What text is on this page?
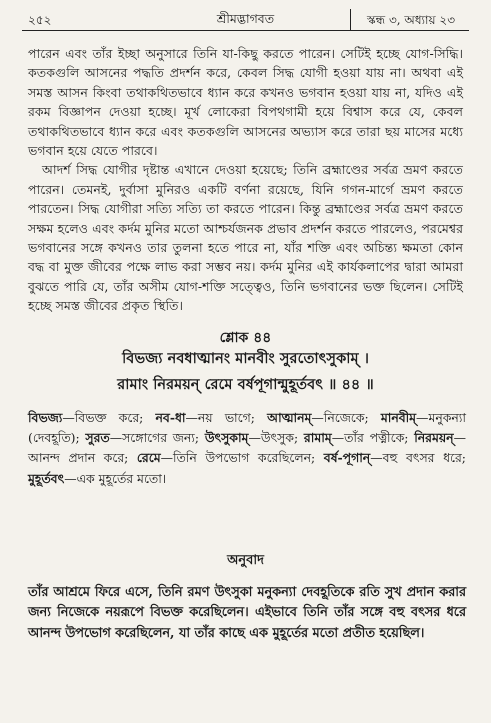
২৫২	শ্রীমদ্ভাগবত	স্কন্ধ ৩, অধ্যায় ২৩

পারেন এবং তাঁর ইচ্ছা অনুসারে তিনি যা-কিছু করতে পারেন। সেটিই হচ্ছে যোগ-সিদ্ধি। কতকগুলি আসনের পদ্ধতি প্রদর্শন করে, কেবল সিদ্ধ যোগী হওয়া যায় না। অথবা এই সমস্ত আসন কিংবা তথাকথিতভাবে ধ্যান করে কখনও ভগবান হওয়া যায় না, যদিও এই রকম বিজ্ঞাপন দেওয়া হচ্ছে। মূর্খ লোকেরা বিপথগামী হয়ে বিশ্বাস করে যে, কেবল তথাকথিতভাবে ধ্যান করে এবং কতকগুলি আসনের অভ্যাস করে তারা ছয় মাসের মধ্যে ভগবান হয়ে যেতে পারবে।

আদর্শ সিদ্ধ যোগীর দৃষ্টান্ত এখানে দেওয়া হয়েছে; তিনি ব্রহ্মাণ্ডের সর্বত্র ভ্রমণ করতে পারেন। তেমনই, দুর্বাসা মুনিরও একটি বর্ণনা রয়েছে, যিনি গগন-মার্গে ভ্রমণ করতে পারতেন। সিদ্ধ যোগীরা সত্যি সত্যি তা করতে পারেন। কিন্তু ব্রহ্মাণ্ডের সর্বত্র ভ্রমণ করতে সক্ষম হলেও এবং কর্দম মুনির মতো আশ্চর্যজনক প্রভাব প্রদর্শন করতে পারলেও, পরমেশ্বর ভগবানের সঙ্গে কখনও তার তুলনা হতে পারে না, যাঁর শক্তি এবং অচিন্ত্য ক্ষমতা কোন বদ্ধ বা মুক্ত জীবের পক্ষে লাভ করা সম্ভব নয়। কর্দম মুনির এই কার্যকলাপের দ্বারা আমরা বুঝতে পারি যে, তাঁর অসীম যোগ-শক্তি সত্ত্বেও, তিনি ভগবানের ভক্ত ছিলেন। সেটিই হচ্ছে সমস্ত জীবের প্রকৃত স্থিতি।

শ্লোক ৪৪
বিভজ্য নবধাত্মানং মানবীং সুরতোৎসুকাম্ ।
রামাং নিরময়ন্ রেমে বর্ষপূগান্মুহূর্তবৎ ॥ ৪৪ ॥

বিভজ্য—বিভক্ত করে; নব-ধা—নয় ভাগে; আত্মানম্—নিজেকে; মানবীম্—মনুকন্যা (দেবহূতি); সুরত—সঙ্গোগের জন্য; উৎসুকাম্—উৎসুক; রামাম্—তাঁর পত্নীকে; নিরময়ন্—আনন্দ প্রদান করে; রেমে—তিনি উপভোগ করেছিলেন; বর্ষ-পূগান্—বহু বৎসর ধরে; মুহূর্তবৎ—এক মুহূর্তের মতো।

অনুবাদ

তাঁর আশ্রমে ফিরে এসে, তিনি রমণ উৎসুকা মনুকন্যা দেবহূতিকে রতি সুখ প্রদান করার জন্য নিজেকে নয়রূপে বিভক্ত করেছিলেন। এইভাবে তিনি তাঁর সঙ্গে বহু বৎসর ধরে আনন্দ উপভোগ করেছিলেন, যা তাঁর কাছে এক মুহূর্তের মতো প্রতীত হয়েছিল।
